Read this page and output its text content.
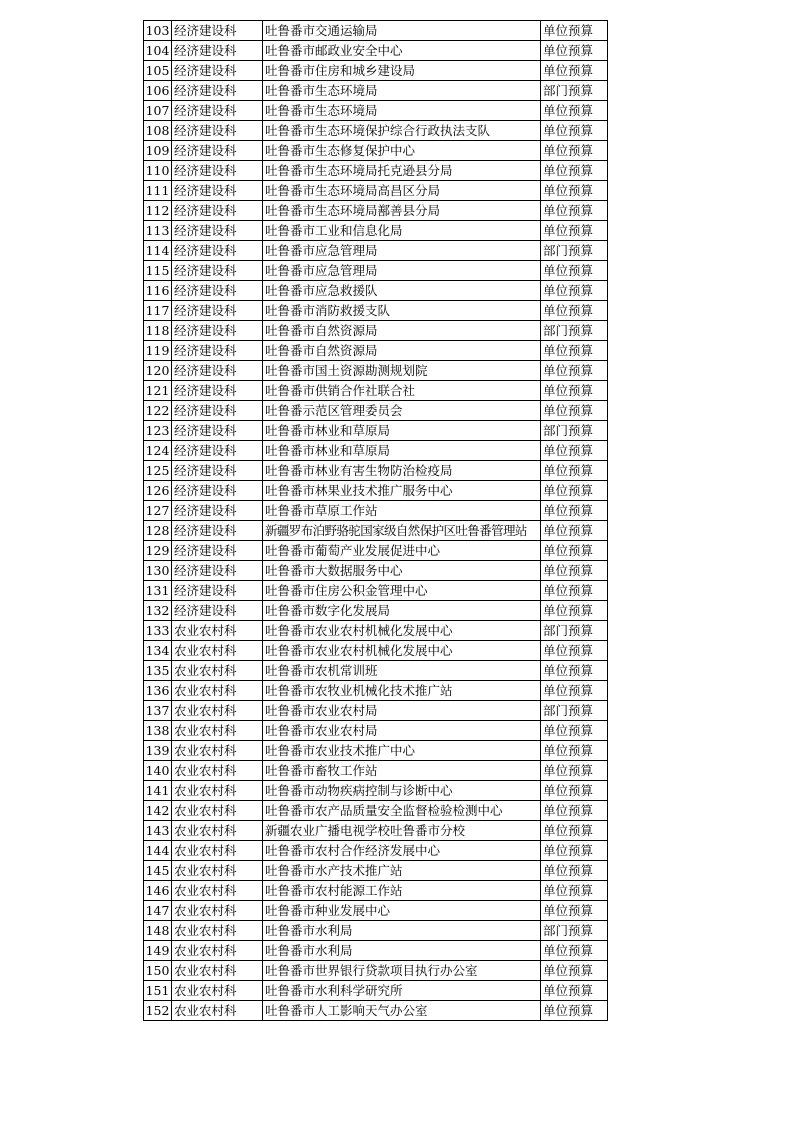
103	经济建设科	吐鲁番市交通运输局	单位预算
104	经济建设科	吐鲁番市邮政业安全中心	单位预算
105	经济建设科	吐鲁番市住房和城乡建设局	单位预算
106	经济建设科	吐鲁番市生态环境局	部门预算
107	经济建设科	吐鲁番市生态环境局	单位预算
108	经济建设科	吐鲁番市生态环境保护综合行政执法支队	单位预算
109	经济建设科	吐鲁番市生态修复保护中心	单位预算
110	经济建设科	吐鲁番市生态环境局托克逊县分局	单位预算
111	经济建设科	吐鲁番市生态环境局高昌区分局	单位预算
112	经济建设科	吐鲁番市生态环境局鄯善县分局	单位预算
113	经济建设科	吐鲁番市工业和信息化局	单位预算
114	经济建设科	吐鲁番市应急管理局	部门预算
115	经济建设科	吐鲁番市应急管理局	单位预算
116	经济建设科	吐鲁番市应急救援队	单位预算
117	经济建设科	吐鲁番市消防救援支队	单位预算
118	经济建设科	吐鲁番市自然资源局	部门预算
119	经济建设科	吐鲁番市自然资源局	单位预算
120	经济建设科	吐鲁番市国土资源勘测规划院	单位预算
121	经济建设科	吐鲁番市供销合作社联合社	单位预算
122	经济建设科	吐鲁番示范区管理委员会	单位预算
123	经济建设科	吐鲁番市林业和草原局	部门预算
124	经济建设科	吐鲁番市林业和草原局	单位预算
125	经济建设科	吐鲁番市林业有害生物防治检疫局	单位预算
126	经济建设科	吐鲁番市林果业技术推广服务中心	单位预算
127	经济建设科	吐鲁番市草原工作站	单位预算
128	经济建设科	新疆罗布泊野骆驼国家级自然保护区吐鲁番管理站	单位预算
129	经济建设科	吐鲁番市葡萄产业发展促进中心	单位预算
130	经济建设科	吐鲁番市大数据服务中心	单位预算
131	经济建设科	吐鲁番市住房公积金管理中心	单位预算
132	经济建设科	吐鲁番市数字化发展局	单位预算
133	农业农村科	吐鲁番市农业农村机械化发展中心	部门预算
134	农业农村科	吐鲁番市农业农村机械化发展中心	单位预算
135	农业农村科	吐鲁番市农机常训班	单位预算
136	农业农村科	吐鲁番市农牧业机械化技术推广站	单位预算
137	农业农村科	吐鲁番市农业农村局	部门预算
138	农业农村科	吐鲁番市农业农村局	单位预算
139	农业农村科	吐鲁番市农业技术推广中心	单位预算
140	农业农村科	吐鲁番市畜牧工作站	单位预算
141	农业农村科	吐鲁番市动物疾病控制与诊断中心	单位预算
142	农业农村科	吐鲁番市农产品质量安全监督检验检测中心	单位预算
143	农业农村科	新疆农业广播电视学校吐鲁番市分校	单位预算
144	农业农村科	吐鲁番市农村合作经济发展中心	单位预算
145	农业农村科	吐鲁番市水产技术推广站	单位预算
146	农业农村科	吐鲁番市农村能源工作站	单位预算
147	农业农村科	吐鲁番市种业发展中心	单位预算
148	农业农村科	吐鲁番市水利局	部门预算
149	农业农村科	吐鲁番市水利局	单位预算
150	农业农村科	吐鲁番市世界银行贷款项目执行办公室	单位预算
151	农业农村科	吐鲁番市水利科学研究所	单位预算
152	农业农村科	吐鲁番市人工影响天气办公室	单位预算
